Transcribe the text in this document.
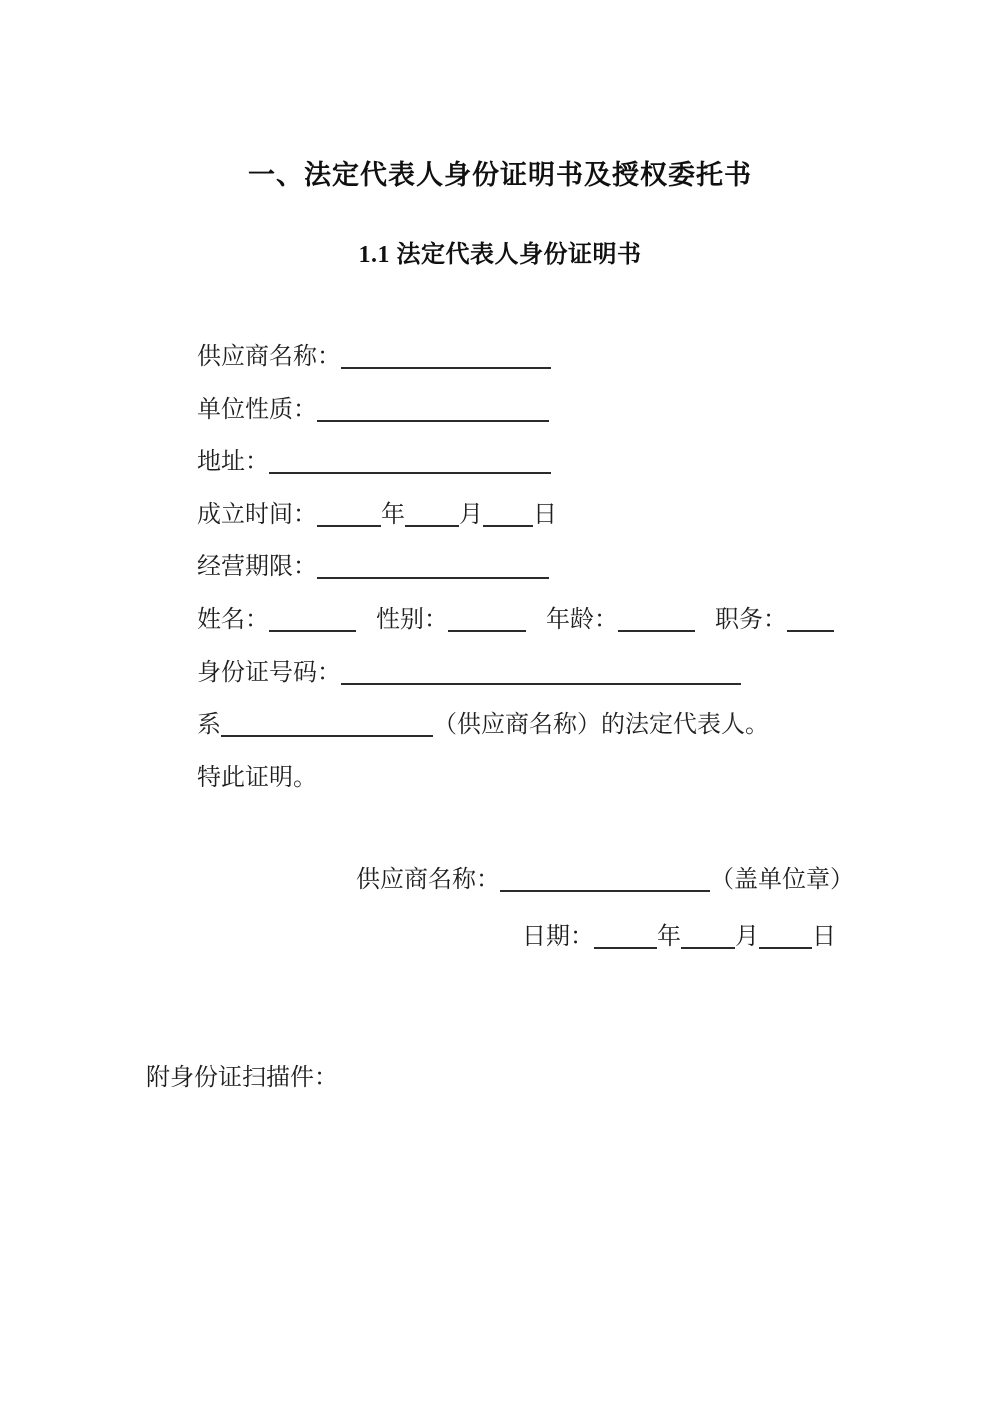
一、法定代表人身份证明书及授权委托书
1.1 法定代表人身份证明书
供应商名称：
单位性质：
地址：
成立时间：	年 月 日
经营期限：
姓名：	性别：	年龄：	职务：
身份证号码：
系	（供应商名称）的法定代表人。
特此证明。
供应商名称：	（盖单位章）
日期：	年 月 日
附身份证扫描件：
